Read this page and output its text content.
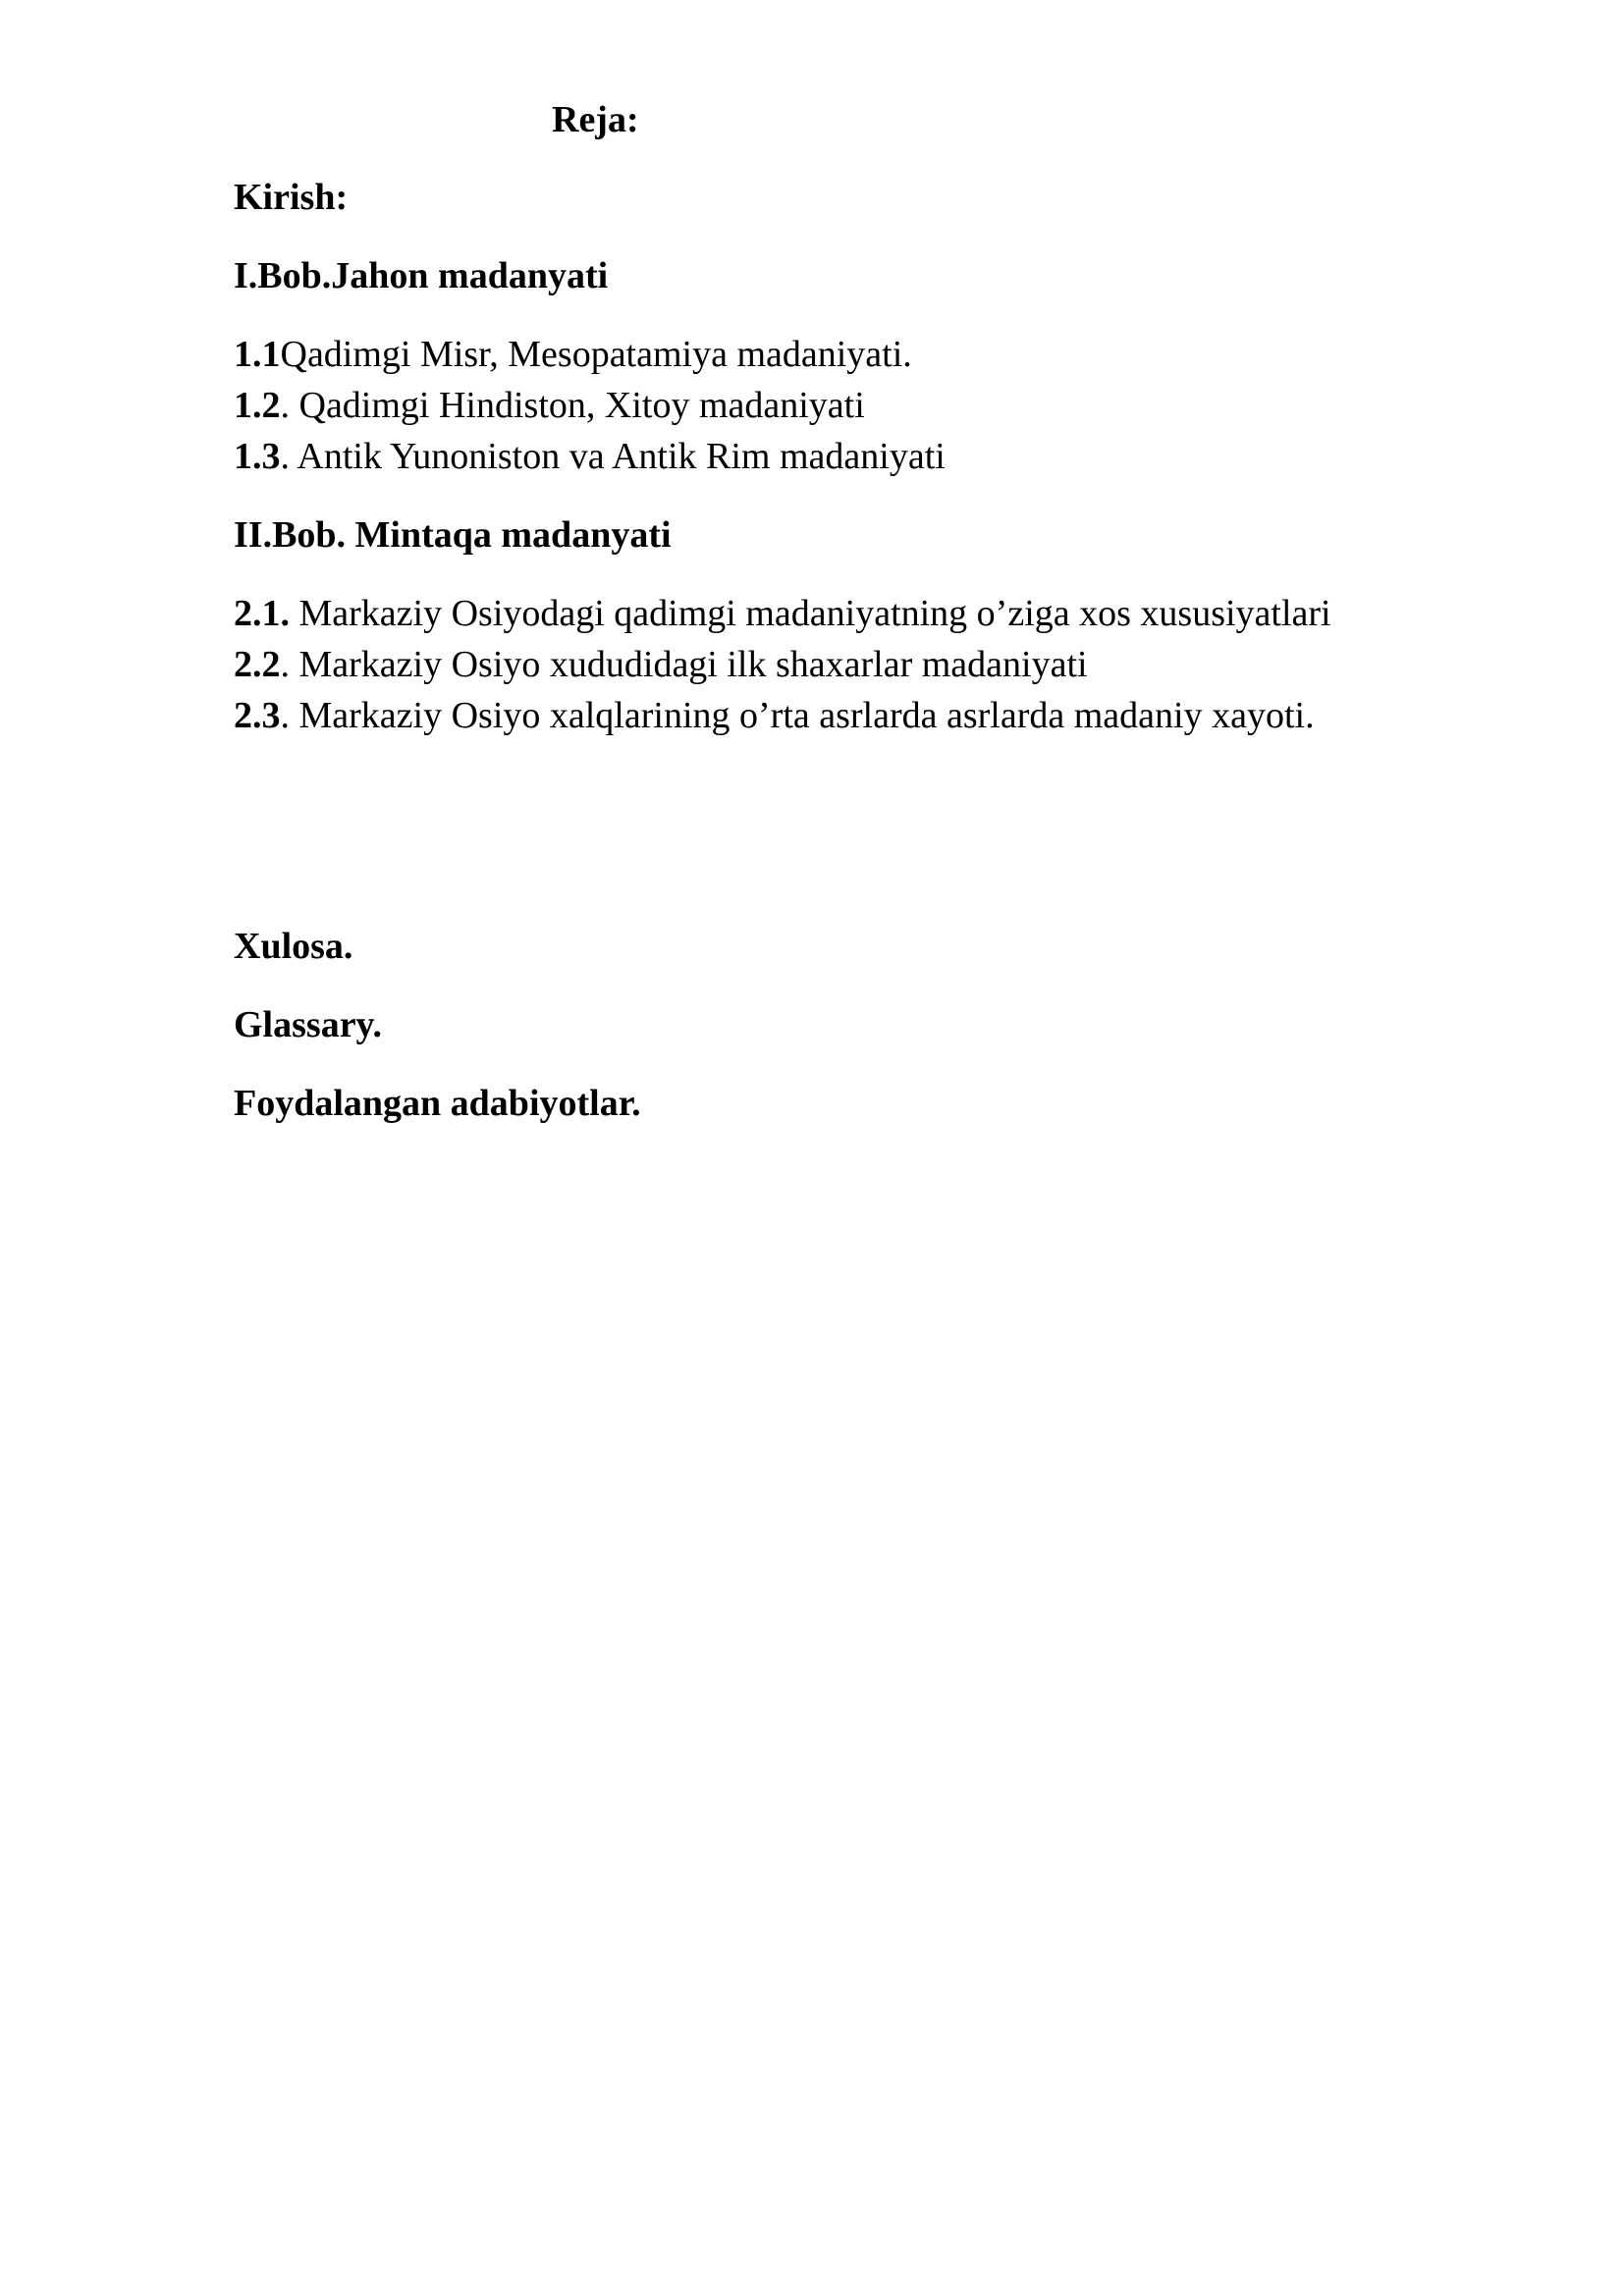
Reja:
Kirish:
I.Bob.Jahon madanyati
1.1Qadimgi Misr, Mesopatamiya madaniyati.
1.2. Qadimgi Hindiston, Xitoy madaniyati
1.3. Antik Yunoniston va Antik Rim madaniyati
II.Bob. Mintaqa madanyati
2.1. Markaziy Osiyodagi qadimgi madaniyatning o’ziga xos xususiyatlari
2.2. Markaziy Osiyo xududidagi ilk shaxarlar madaniyati
2.3. Markaziy Osiyo xalqlarining o’rta asrlarda asrlarda madaniy xayoti.
Xulosa.
Glassary.
Foydalangan adabiyotlar.
